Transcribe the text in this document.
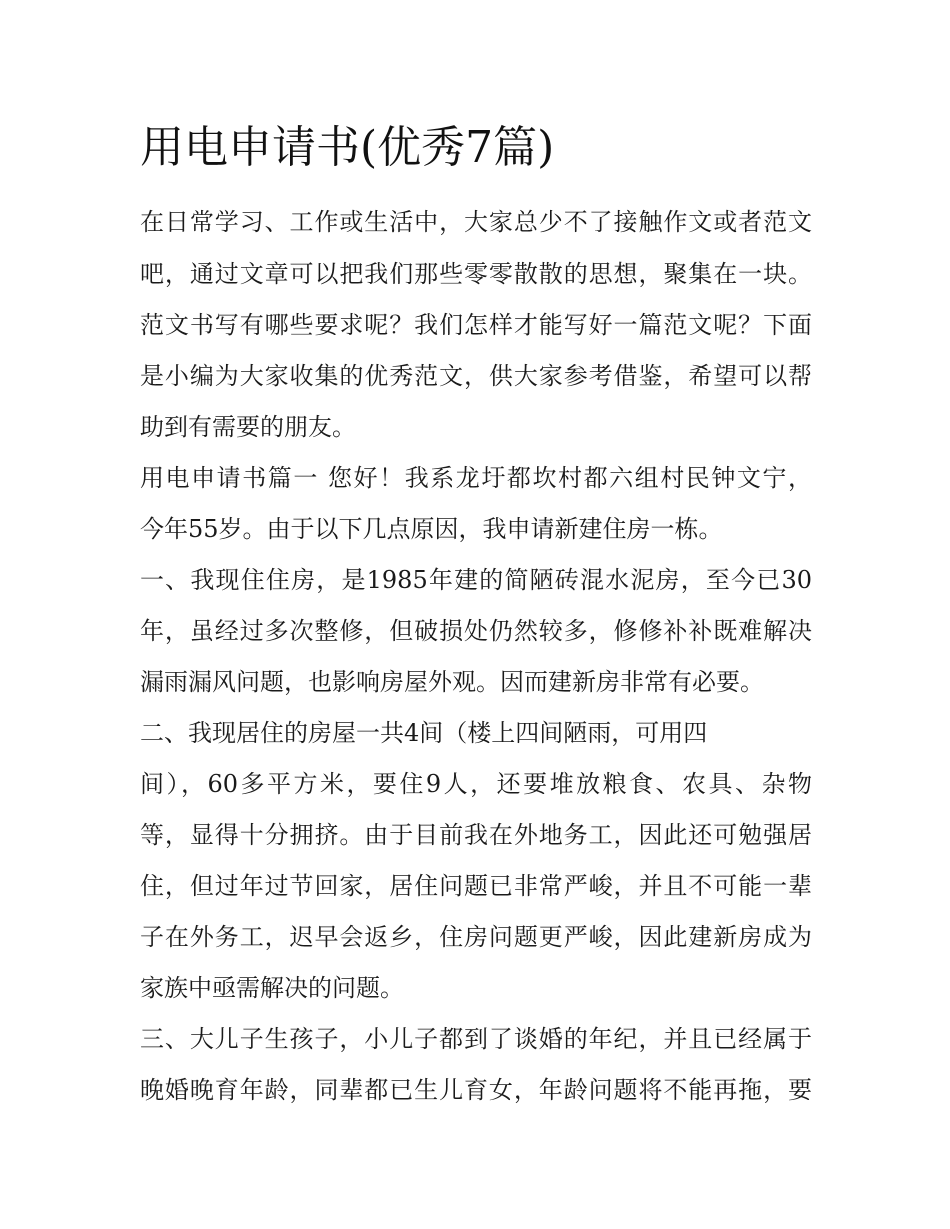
用电申请书(优秀7篇)

在日常学习、工作或生活中，大家总少不了接触作文或者范文

吧，通过文章可以把我们那些零零散散的思想，聚集在一块。

范文书写有哪些要求呢？我们怎样才能写好一篇范文呢？下面

是小编为大家收集的优秀范文，供大家参考借鉴，希望可以帮

助到有需要的朋友。

用电申请书篇一 您好！我系龙圩都坎村都六组村民钟文宁，

今年55岁。由于以下几点原因，我申请新建住房一栋。

一、我现住住房，是1985年建的简陋砖混水泥房，至今已30

年，虽经过多次整修，但破损处仍然较多，修修补补既难解决

漏雨漏风问题，也影响房屋外观。因而建新房非常有必要。

二、我现居住的房屋一共4间（楼上四间陋雨，可用四

间），60多平方米，要住9人，还要堆放粮食、农具、杂物

等，显得十分拥挤。由于目前我在外地务工，因此还可勉强居

住，但过年过节回家，居住问题已非常严峻，并且不可能一辈

子在外务工，迟早会返乡，住房问题更严峻，因此建新房成为

家族中亟需解决的问题。

三、大儿子生孩子，小儿子都到了谈婚的年纪，并且已经属于

晚婚晚育年龄，同辈都已生儿育女，年龄问题将不能再拖，要
